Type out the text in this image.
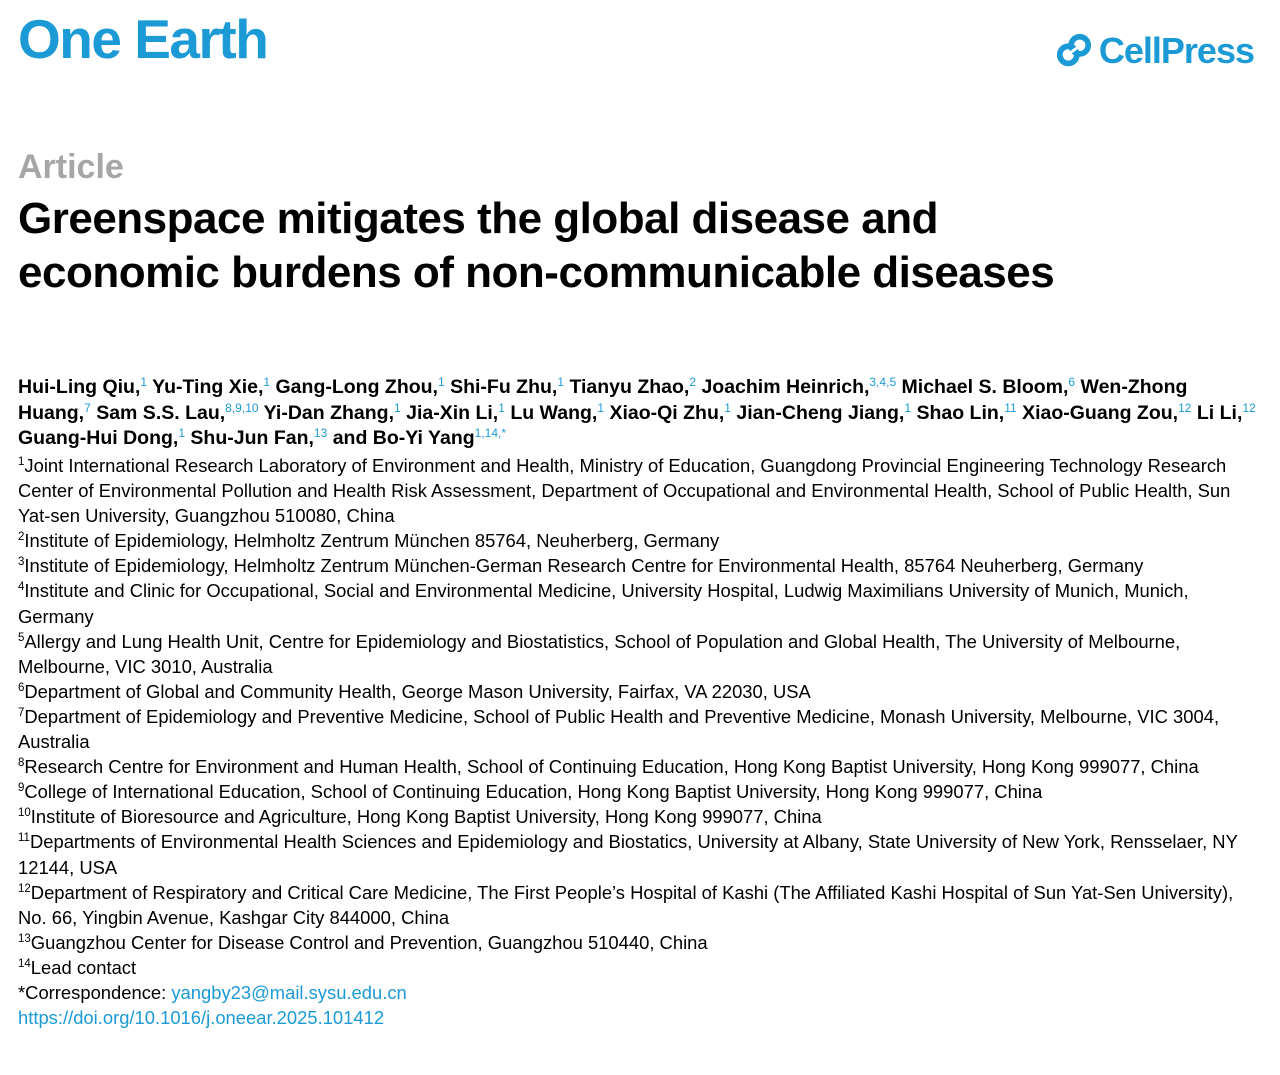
One Earth	CellPress
Article
Greenspace mitigates the global disease and economic burdens of non-communicable diseases
Hui-Ling Qiu,$^1$ Yu-Ting Xie,$^1$ Gang-Long Zhou,$^1$ Shi-Fu Zhu,$^1$ Tianyu Zhao,$^2$ Joachim Heinrich,$^{3,4,5}$ Michael S. Bloom,$^6$ Wen-Zhong Huang,$^7$ Sam S.S. Lau,$^{8,9,10}$ Yi-Dan Zhang,$^1$ Jia-Xin Li,$^1$ Lu Wang,$^1$ Xiao-Qi Zhu,$^1$ Jian-Cheng Jiang,$^1$ Shao Lin,$^{11}$ Xiao-Guang Zou,$^{12}$ Li Li,$^{12}$ Guang-Hui Dong,$^1$ Shu-Jun Fan,$^{13}$ and Bo-Yi Yang$^{1,14,*}$

$^1$Joint International Research Laboratory of Environment and Health, Ministry of Education, Guangdong Provincial Engineering Technology Research Center of Environmental Pollution and Health Risk Assessment, Department of Occupational and Environmental Health, School of Public Health, Sun Yat-sen University, Guangzhou 510080, China

$^2$Institute of Epidemiology, Helmholtz Zentrum München 85764, Neuherberg, Germany

$^3$Institute of Epidemiology, Helmholtz Zentrum München-German Research Centre for Environmental Health, 85764 Neuherberg, Germany

$^4$Institute and Clinic for Occupational, Social and Environmental Medicine, University Hospital, Ludwig Maximilians University of Munich, Munich, Germany

$^5$Allergy and Lung Health Unit, Centre for Epidemiology and Biostatistics, School of Population and Global Health, The University of Melbourne, Melbourne, VIC 3010, Australia

$^6$Department of Global and Community Health, George Mason University, Fairfax, VA 22030, USA

$^7$Department of Epidemiology and Preventive Medicine, School of Public Health and Preventive Medicine, Monash University, Melbourne, VIC 3004, Australia

$^8$Research Centre for Environment and Human Health, School of Continuing Education, Hong Kong Baptist University, Hong Kong 999077, China

$^9$College of International Education, School of Continuing Education, Hong Kong Baptist University, Hong Kong 999077, China

$^{10}$Institute of Bioresource and Agriculture, Hong Kong Baptist University, Hong Kong 999077, China

$^{11}$Departments of Environmental Health Sciences and Epidemiology and Biostatics, University at Albany, State University of New York, Rensselaer, NY 12144, USA

$^{12}$Department of Respiratory and Critical Care Medicine, The First People’s Hospital of Kashi (The Affiliated Kashi Hospital of Sun Yat-Sen University), No. 66, Yingbin Avenue, Kashgar City 844000, China

$^{13}$Guangzhou Center for Disease Control and Prevention, Guangzhou 510440, China

$^{14}$Lead contact

*Correspondence: yangby23@mail.sysu.edu.cn

https://doi.org/10.1016/j.oneear.2025.101412
